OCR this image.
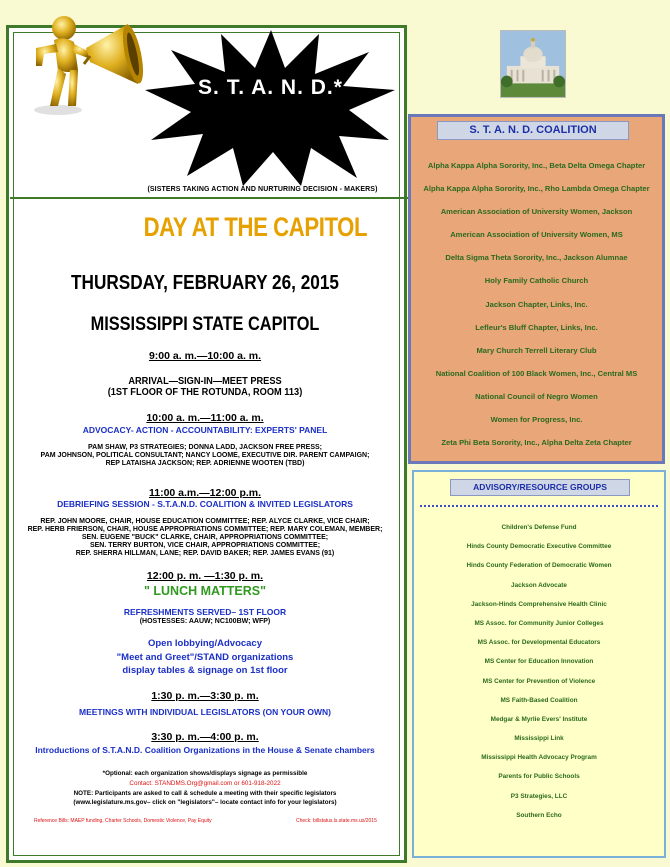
S. T. A. N. D.*
(SISTERS TAKING ACTION AND NURTURING DECISION - MAKERS)
DAY AT THE CAPITOL
THURSDAY, FEBRUARY 26, 2015
MISSISSIPPI STATE CAPITOL
9:00 a. m.—10:00 a. m.
ARRIVAL—SIGN-IN—MEET PRESS
(1ST FLOOR OF THE ROTUNDA, ROOM 113)
10:00 a. m.—11:00 a. m.
ADVOCACY- ACTION - ACCOUNTABILITY: EXPERTS' PANEL
PAM SHAW, P3 STRATEGIES; DONNA LADD, JACKSON FREE PRESS;
PAM JOHNSON, POLITICAL CONSULTANT; NANCY LOOME, EXECUTIVE DIR. PARENT CAMPAIGN;
REP LATAISHA JACKSON; REP. ADRIENNE WOOTEN (TBD)
11:00 a.m.—12:00 p.m.
DEBRIEFING SESSION - S.T.A.N.D. COALITION & INVITED LEGISLATORS
REP. JOHN MOORE, CHAIR, HOUSE EDUCATION COMMITTEE; REP. ALYCE CLARKE, VICE CHAIR;
REP. HERB FRIERSON, CHAIR, HOUSE APPROPRIATIONS COMMITTEE; REP. MARY COLEMAN, MEMBER;
SEN. EUGENE "BUCK" CLARKE, CHAIR, APPROPRIATIONS COMMITTEE;
SEN. TERRY BURTON, VICE CHAIR, APPROPRIATIONS COMMITTEE;
REP. SHERRA HILLMAN, LANE; REP. DAVID BAKER; REP. JAMES EVANS (91)
12:00 p. m. —1:30 p. m.
" LUNCH MATTERS"
REFRESHMENTS SERVED– 1ST FLOOR
(HOSTESSES: AAUW; NC100BW; WFP)
Open lobbying/Advocacy
"Meet and Greet"/STAND organizations
display tables & signage on 1st floor
1:30 p. m.—3:30 p. m.
MEETINGS WITH INDIVIDUAL LEGISLATORS (ON YOUR OWN)
3:30 p. m.—4:00 p. m.
Introductions of S.T.A.N.D. Coalition Organizations in the House & Senate chambers
*Optional: each organization shows/displays signage as permissible
Contact: STANDMS.Org@gmail.com or 601-918-2022
NOTE: Participants are asked to call & schedule a meeting with their specific legislators
(www.legislature.ms.gov– click on "legislators"– locate contact info for your legislators)
Reference Bills: MAEP funding, Charter Schools, Domestic Violence, Pay Equity	Check: billstatus.ls.state.ms.us/2015
S. T. A. N. D. COALITION
Alpha Kappa Alpha Sorority, Inc., Beta Delta Omega Chapter
Alpha Kappa Alpha Sorority, Inc., Rho Lambda Omega Chapter
American Association of University Women, Jackson
American Association of University Women, MS
Delta Sigma Theta Sorority, Inc., Jackson Alumnae
Holy Family Catholic Church
Jackson Chapter, Links, Inc.
Lefleur's Bluff Chapter, Links, Inc.
Mary Church Terrell Literary Club
National Coalition of 100 Black Women, Inc., Central MS
National Council of Negro Women
Women for Progress, Inc.
Zeta Phi Beta Sorority, Inc., Alpha Delta Zeta Chapter
ADVISORY/RESOURCE GROUPS
Children's Defense Fund
Hinds County Democratic Executive Committee
Hinds County Federation of Democratic Women
Jackson Advocate
Jackson-Hinds Comprehensive Health Clinic
MS Assoc. for Community Junior Colleges
MS Assoc. for Developmental Educators
MS Center for Education Innovation
MS Center for Prevention of Violence
MS Faith-Based Coalition
Medgar & Myrlie Evers' Institute
Mississippi Link
Mississippi Health Advocacy Program
Parents for Public Schools
P3 Strategies, LLC
Southern Echo
